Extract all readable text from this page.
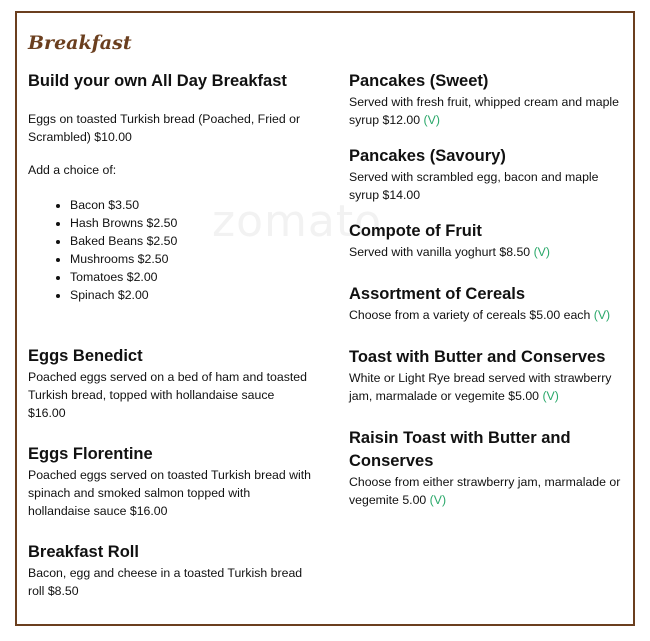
zomato
Breakfast
Build your own All Day Breakfast

Eggs on toasted Turkish bread (Poached, Fried or Scrambled) $10.00

Add a choice of:

• Bacon $3.50
• Hash Browns $2.50
• Baked Beans $2.50
• Mushrooms $2.50
• Tomatoes $2.00
• Spinach $2.00
Eggs Benedict

Poached eggs served on a bed of ham and toasted Turkish bread, topped with hollandaise sauce $16.00

Eggs Florentine

Poached eggs served on toasted Turkish bread with spinach and smoked salmon topped with hollandaise sauce $16.00

Breakfast Roll

Bacon, egg and cheese in a toasted Turkish bread roll $8.50

Pancakes (Sweet)

Served with fresh fruit, whipped cream and maple syrup $12.00 (V)

Pancakes (Savoury)

Served with scrambled egg, bacon and maple syrup $14.00

Compote of Fruit

Served with vanilla yoghurt $8.50 (V)

Assortment of Cereals

Choose from a variety of cereals $5.00 each (V)

Toast with Butter and Conserves

White or Light Rye bread served with strawberry jam, marmalade or vegemite $5.00 (V)

Raisin Toast with Butter and Conserves

Choose from either strawberry jam, marmalade or vegemite 5.00 (V)
